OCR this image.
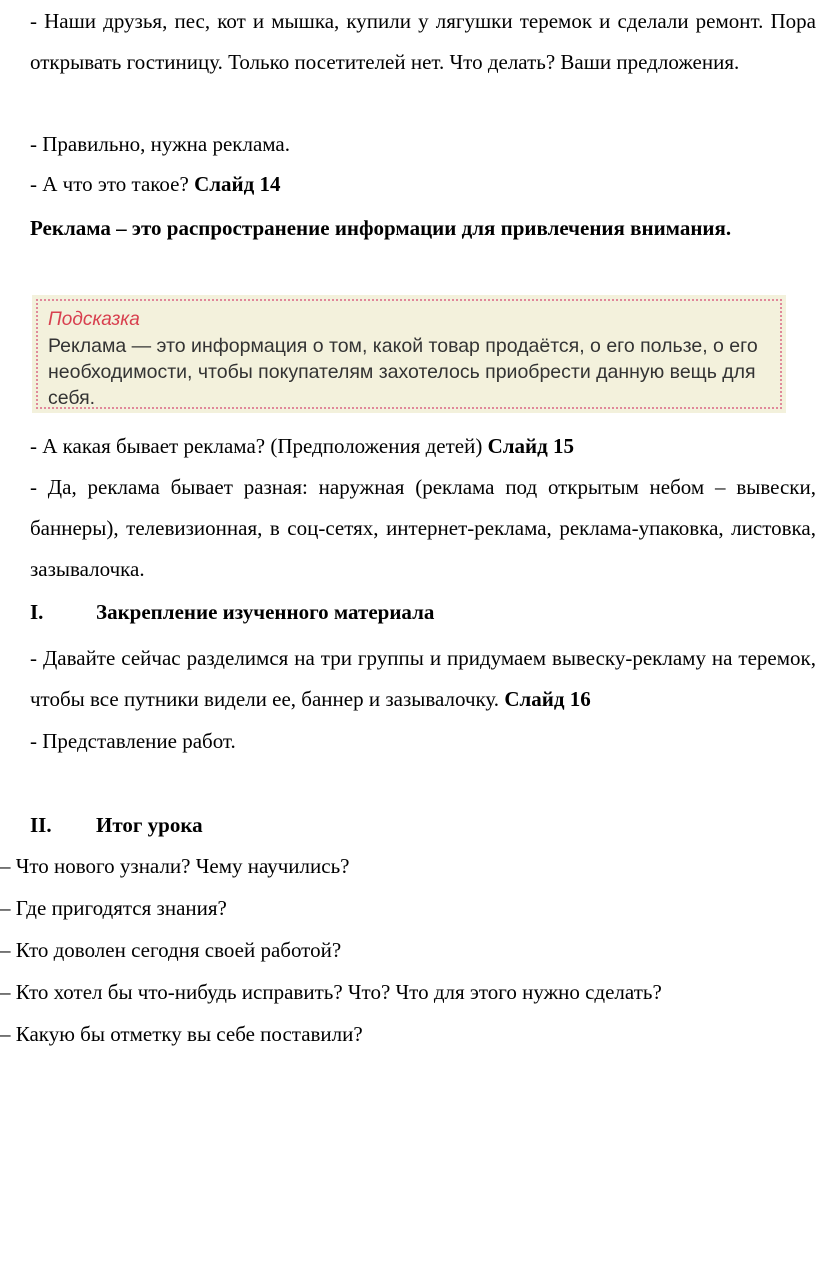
- Наши друзья, пес, кот и мышка, купили у лягушки теремок и сделали ремонт. Пора открывать гостиницу. Только посетителей нет. Что делать? Ваши предложения.

- Правильно, нужна реклама.

- А что это такое? Слайд 14

Реклама – это распространение информации для привлечения внимания.

Подсказка
Реклама — это информация о том, какой товар продаётся, о его пользе, о его необходимости, чтобы покупателям захотелось приобрести данную вещь для себя.

- А какая бывает реклама? (Предположения детей) Слайд 15

- Да, реклама бывает разная: наружная (реклама под открытым небом – вывески, баннеры), телевизионная, в соц-сетях, интернет-реклама, реклама-упаковка, листовка, зазывалочка.

I.	Закрепление изученного материала

- Давайте сейчас разделимся на три группы и придумаем вывеску-рекламу на теремок, чтобы все путники видели ее, баннер и зазывалочку. Слайд 16

- Представление работ.

II. Итог урока
– Что нового узнали? Чему научились?
– Где пригодятся знания?
– Кто доволен сегодня своей работой?
– Кто хотел бы что-нибудь исправить? Что? Что для этого нужно сделать?
– Какую бы отметку вы себе поставили?
